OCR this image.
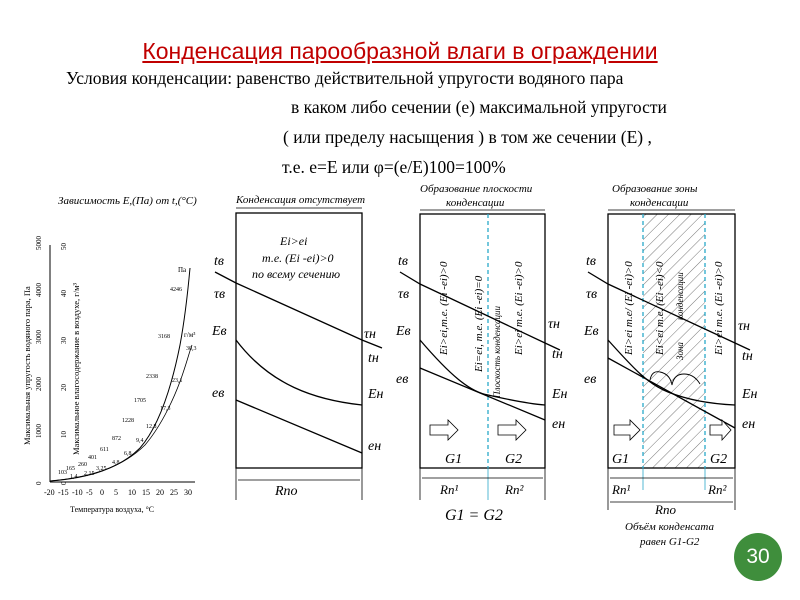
Конденсация парообразной влаги в ограждении
Условия конденсации: равенство действительной упругости водяного пара
в каком либо сечении (е) максимальной упругости
( или пределу насыщения ) в том же сечении (Е) ,
т.е. е=Е или φ=(е/Е)100=100%
Зависимость Е,(Па) от t,(°С)
Максимальная упругость водяного пара, Па	Максимальное влагосодержание в воздухе, г/м³
-20 -15 -10 -5 0 5 10 15 20 25 30
0 0
1000 10
2000 20
3000 30
4000 40
5000 50
Температура воздуха, °С
Па
г/м³
4246
3168
2338
1705
1228
872
611
401
260
165
103
30,3
23,1
17,3
12,8
9,4
6,8
4,8
3,25
2,15
1,4
Конденсация отсутствует
Ei>ei
т.е. (Ei -ei)>0
по всему сечению
tв
τв
Eв
eв
τн
tн
Eн
eн
Rпо
Образование плоскости
конденсации
Ei>ei,т.е. (Ei -ei)>0 Ei=ei, т.е. (Ei -ei)=0	Ei>ei т.е. (Ei -ei)>0
Плоскость конденсации
tв
τв
Eв
eв
τн
tн
Eн
eн
G1	G2
Rп¹	Rп²
G1 = G2
Образование зоны
конденсации
Ei>ei т.е/ (Ei -ei)>0 Ei<ei т.е. (Ei -ei)<0 конденсации
Зона	Ei>ei т.е. (Ei -ei)>0
tв
τв
Eв
eв
τн
tн
Eн
eн
G1	G2
Rп¹	Rп²
Rпо
Объём конденсата
равен G1-G2
30
